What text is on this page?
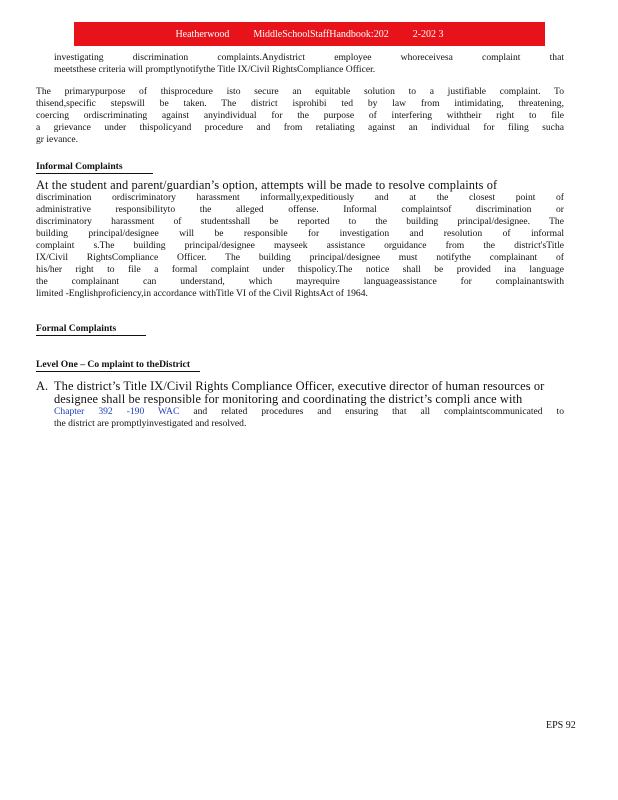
Heatherwood MiddleSchoolStaffHandbook:202 2-202 3

investigating discrimination complaints.Anydistrict employee whoreceivesa complaint that

meetsthese criteria will promptlynotifythe Title IX/Civil RightsCompliance Officer.

The primarypurpose of thisprocedure isto secure an equitable solution to a justifiable complaint. To

thisend,specific stepswill be taken. The district isprohibi ted by law from intimidating, threatening,

coercing ordiscriminating against anyindividual for the purpose of interfering withtheir right to file

a grievance under thispolicyand procedure and from retaliating against an individual for filing sucha

gr ievance.

Informal Complaints

At the student and parent/guardian’s option, attempts will be made to resolve complaints of

discrimination ordiscriminatory harassment informally,expeditiously and at the closest point of

administrative responsibilityto the alleged offense. Informal complaintsof discrimination or

discriminatory harassment of studentsshall be reported to the building principal/designee. The

building principal/designee will be responsible for investigation and resolution of informal

complaint s.The building principal/designee mayseek assistance orguidance from the district'sTitle

IX/Civil RightsCompliance Officer. The building principal/designee must notifythe complainant of

his/her right to file a formal complaint under thispolicy.The notice shall be provided ina language

the complainant can understand, which mayrequire languageassistance for complainantswith

limited -Englishproficiency,in accordance withTitle VI of the Civil RightsAct of 1964.

Formal Complaints

Level One – Co mplaint to theDistrict

A. The district’s Title IX/Civil Rights Compliance Officer, executive director of human resources or

designee shall be responsible for monitoring and coordinating the district’s compli ance with

Chapter 392 -190 WAC and related procedures and ensuring that all complaintscommunicated to

the district are promptlyinvestigated and resolved.

EPS 92
